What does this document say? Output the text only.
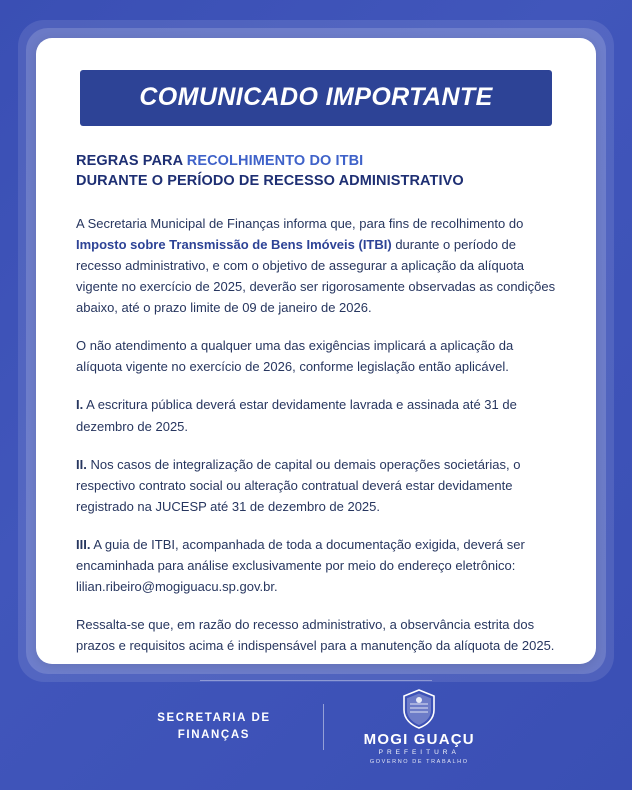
COMUNICADO IMPORTANTE
REGRAS PARA RECOLHIMENTO DO ITBI
DURANTE O PERÍODO DE RECESSO ADMINISTRATIVO

A Secretaria Municipal de Finanças informa que, para fins de recolhimento do Imposto sobre Transmissão de Bens Imóveis (ITBI) durante o período de recesso administrativo, e com o objetivo de assegurar a aplicação da alíquota vigente no exercício de 2025, deverão ser rigorosamente observadas as condições abaixo, até o prazo limite de 09 de janeiro de 2026.

O não atendimento a qualquer uma das exigências implicará a aplicação da alíquota vigente no exercício de 2026, conforme legislação então aplicável.

I. A escritura pública deverá estar devidamente lavrada e assinada até 31 de dezembro de 2025.

II. Nos casos de integralização de capital ou demais operações societárias, o respectivo contrato social ou alteração contratual deverá estar devidamente registrado na JUCESP até 31 de dezembro de 2025.

III. A guia de ITBI, acompanhada de toda a documentação exigida, deverá ser encaminhada para análise exclusivamente por meio do endereço eletrônico: lilian.ribeiro@mogiguacu.sp.gov.br.

Ressalta-se que, em razão do recesso administrativo, a observância estrita dos prazos e requisitos acima é indispensável para a manutenção da alíquota de 2025.

SECRETARIA DE
FINANÇAS	MOGI GUAÇU
PREFEITURA
GOVERNO DE TRABALHO
